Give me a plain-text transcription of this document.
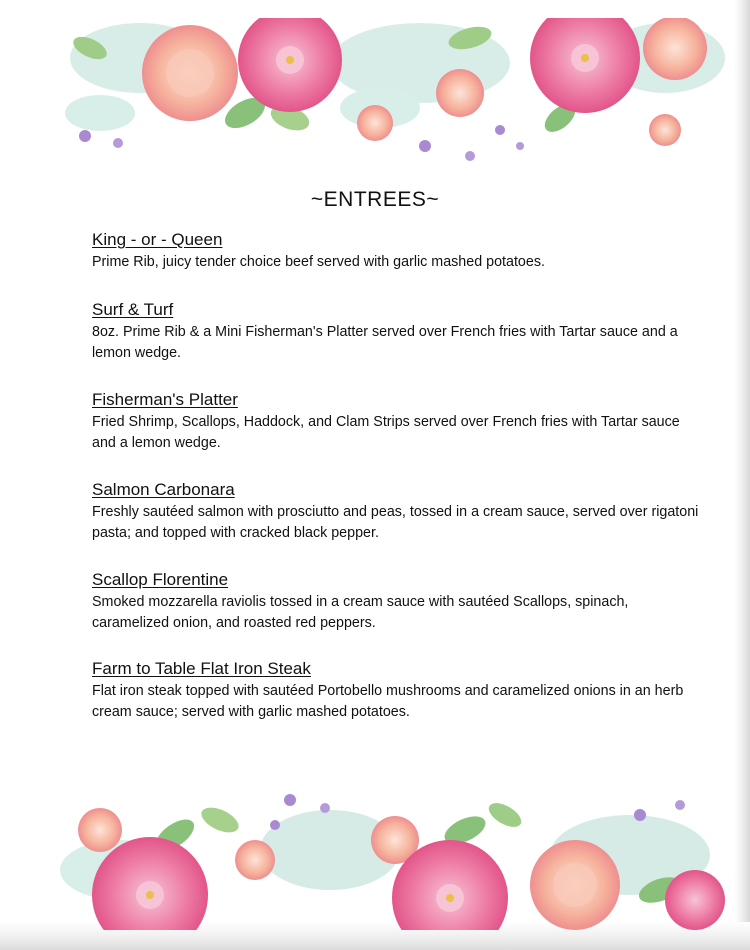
~ENTREES~
King - or - Queen
Prime Rib, juicy tender choice beef served with garlic mashed potatoes.
Surf & Turf
8oz. Prime Rib & a Mini Fisherman's Platter served over French fries with Tartar sauce and a lemon wedge.
Fisherman's Platter
Fried Shrimp, Scallops, Haddock, and Clam Strips served over French fries with Tartar sauce and a lemon wedge.
Salmon Carbonara
Freshly sautéed salmon with prosciutto and peas, tossed in a cream sauce, served over rigatoni pasta; and topped with cracked black pepper.
Scallop Florentine
Smoked mozzarella raviolis tossed in a cream sauce with sautéed Scallops, spinach, caramelized onion, and roasted red peppers.
Farm to Table Flat Iron Steak
Flat iron steak topped with sautéed Portobello mushrooms and caramelized onions in an herb cream sauce; served with garlic mashed potatoes.
